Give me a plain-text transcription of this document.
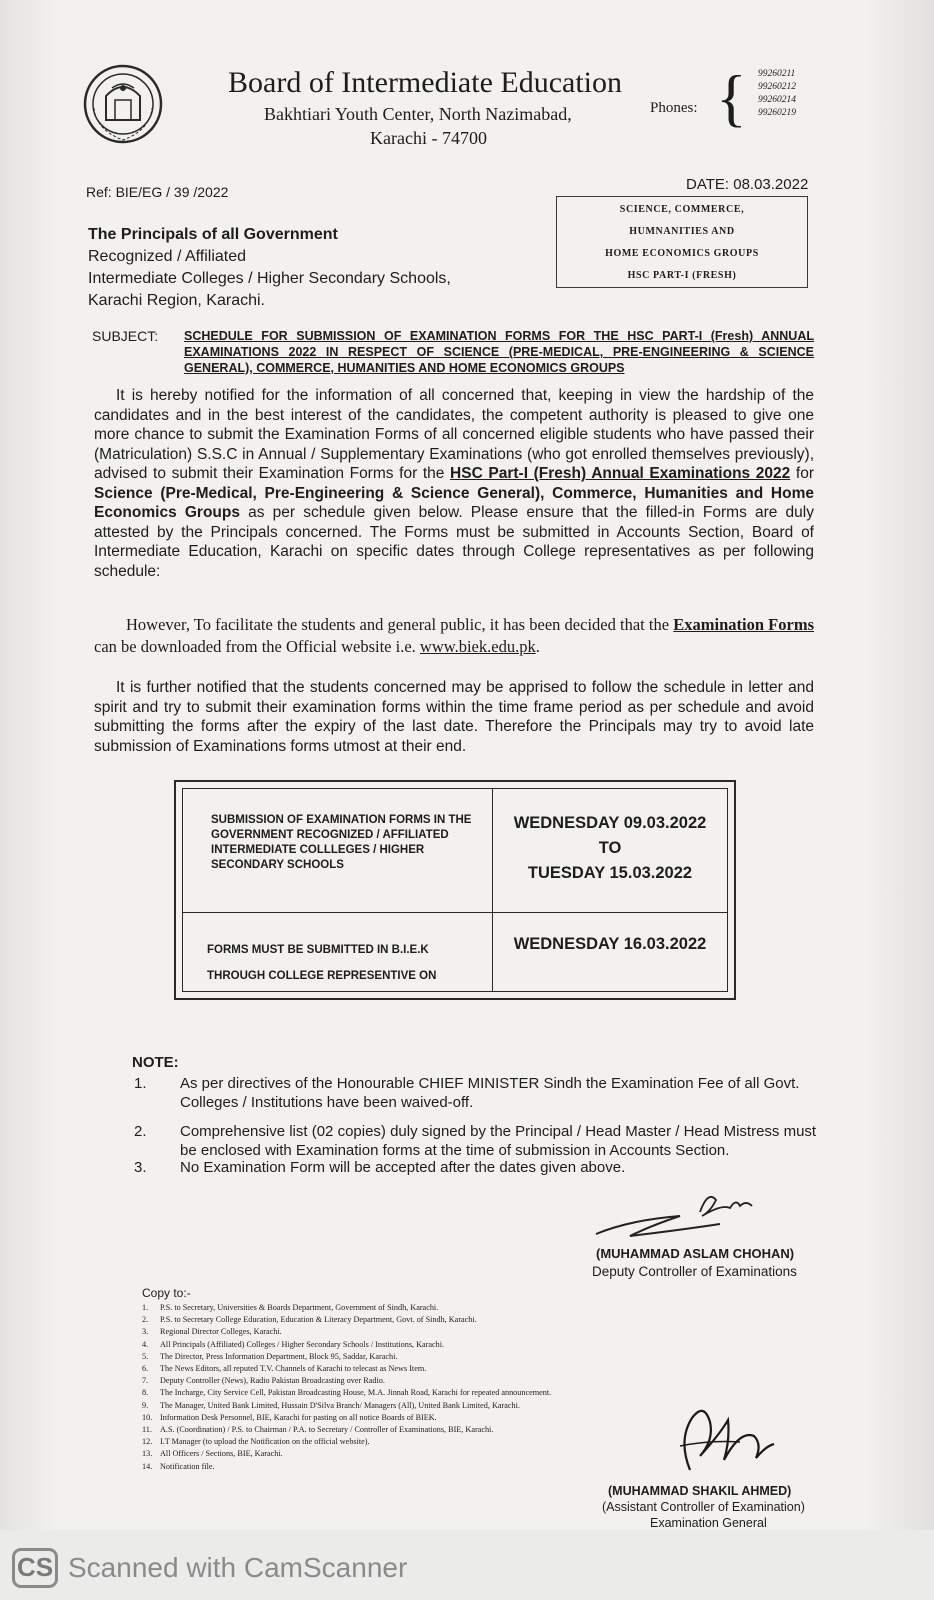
Board of Intermediate Education
Bakhtiari Youth Center, North Nazimabad,
Karachi - 74700
Phones: { 99260211
99260212
99260214
99260219
Ref: BIE/EG / 39 /2022	DATE: 08.03.2022
SCIENCE, COMMERCE,
HUMNANITIES AND
HOME ECONOMICS GROUPS
HSC PART-I (FRESH)
The Principals of all Government
Recognized / Affiliated
Intermediate Colleges / Higher Secondary Schools,
Karachi Region, Karachi.
SUBJECT: SCHEDULE FOR SUBMISSION OF EXAMINATION FORMS FOR THE HSC PART-I (Fresh) ANNUAL EXAMINATIONS 2022 IN RESPECT OF SCIENCE (PRE-MEDICAL, PRE-ENGINEERING & SCIENCE GENERAL), COMMERCE, HUMANITIES AND HOME ECONOMICS GROUPS
It is hereby notified for the information of all concerned that, keeping in view the hardship of the candidates and in the best interest of the candidates, the competent authority is pleased to give one more chance to submit the Examination Forms of all concerned eligible students who have passed their (Matriculation) S.S.C in Annual / Supplementary Examinations (who got enrolled themselves previously), advised to submit their Examination Forms for the HSC Part-I (Fresh) Annual Examinations 2022 for Science (Pre-Medical, Pre-Engineering & Science General), Commerce, Humanities and Home Economics Groups as per schedule given below. Please ensure that the filled-in Forms are duly attested by the Principals concerned. The Forms must be submitted in Accounts Section, Board of Intermediate Education, Karachi on specific dates through College representatives as per following schedule:
However, To facilitate the students and general public, it has been decided that the Examination Forms can be downloaded from the Official website i.e. www.biek.edu.pk.
It is further notified that the students concerned may be apprised to follow the schedule in letter and spirit and try to submit their examination forms within the time frame period as per schedule and avoid submitting the forms after the expiry of the last date. Therefore the Principals may try to avoid late submission of Examinations forms utmost at their end.
SUBMISSION OF EXAMINATION FORMS IN THE GOVERNMENT RECOGNIZED / AFFILIATED INTERMEDIATE COLLLEGES / HIGHER SECONDARY SCHOOLS
WEDNESDAY 09.03.2022
TO
TUESDAY 15.03.2022
FORMS MUST BE SUBMITTED IN B.I.E.K THROUGH COLLEGE REPRESENTIVE ON
WEDNESDAY 16.03.2022
NOTE:
1. As per directives of the Honourable CHIEF MINISTER Sindh the Examination Fee of all Govt. Colleges / Institutions have been waived-off.
2. Comprehensive list (02 copies) duly signed by the Principal / Head Master / Head Mistress must be enclosed with Examination forms at the time of submission in Accounts Section.
3. No Examination Form will be accepted after the dates given above.
(MUHAMMAD ASLAM CHOHAN)
Deputy Controller of Examinations
Copy to:-
1. P.S. to Secretary, Universities & Boards Department, Government of Sindh, Karachi.
2. P.S. to Secretary College Education, Education & Literacy Department, Govt. of Sindh, Karachi.
3. Regional Director Colleges, Karachi.
4. All Principals (Affiliated) Colleges / Higher Secondary Schools / Institutions, Karachi.
5. The Director, Press Information Department, Block 95, Saddar, Karachi.
6. The News Editors, all reputed T.V. Channels of Karachi to telecast as News Item.
7. Deputy Controller (News), Radio Pakistan Broadcasting over Radio.
8. The Incharge, City Service Cell, Pakistan Broadcasting House, M.A. Jinnah Road, Karachi for repeated announcement.
9. The Manager, United Bank Limited, Hussain D'Silva Branch/ Managers (All), United Bank Limited, Karachi.
10. Information Desk Personnel, BIE, Karachi for pasting on all notice Boards of BIEK.
11. A.S. (Coordination) / P.S. to Chairman / P.A. to Secretary / Controller of Examinations, BIE, Karachi.
12. I.T Manager (to upload the Notification on the official website).
13. All Officers / Sections, BIE, Karachi.
14. Notification file.
(MUHAMMAD SHAKIL AHMED)
(Assistant Controller of Examination)
Examination General
CS Scanned with CamScanner
